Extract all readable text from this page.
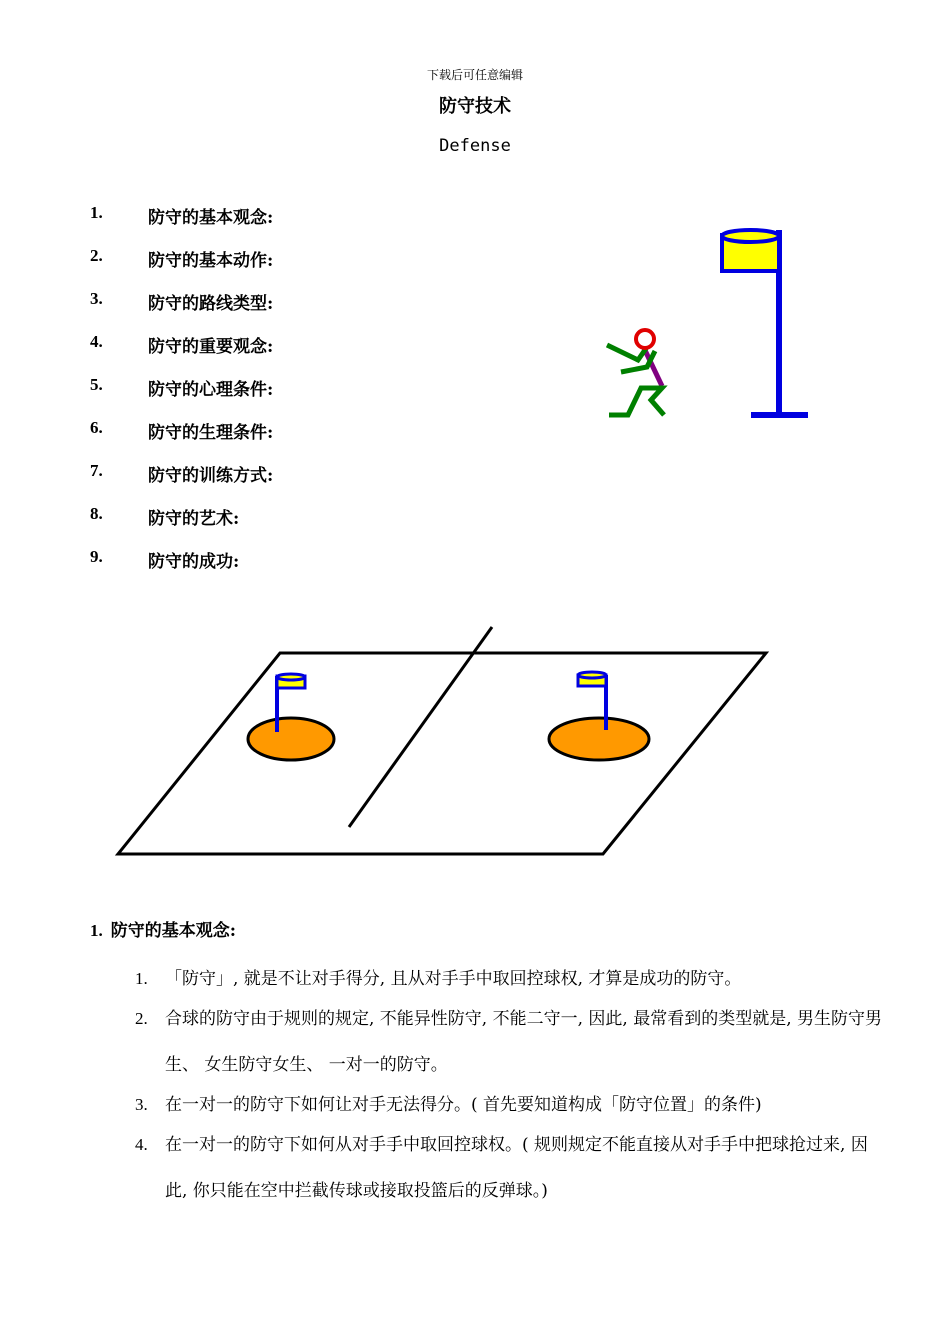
下载后可任意编辑
防守技术
Defense
1.	防守的基本观念:
2.	防守的基本动作:
3.	防守的路线类型:
4.	防守的重要观念:
5.	防守的心理条件:
6.	防守的生理条件:
7.	防守的训练方式:
8.	防守的艺术:
9.	防守的成功:
1. 防守的基本观念:
1. 「防守」, 就是不让对手得分, 且从对手手中取回控球权, 才算是成功的防守。
2. 合球的防守由于规则的规定, 不能异性防守, 不能二守一, 因此, 最常看到的类型就是, 男生防守男生、 女生防守女生、 一对一的防守。
3. 在一对一的防守下如何让对手无法得分。( 首先要知道构成「防守位置」的条件)
4. 在一对一的防守下如何从对手手中取回控球权。( 规则规定不能直接从对手手中把球抢过来, 因此, 你只能在空中拦截传球或接取投篮后的反弹球。)
